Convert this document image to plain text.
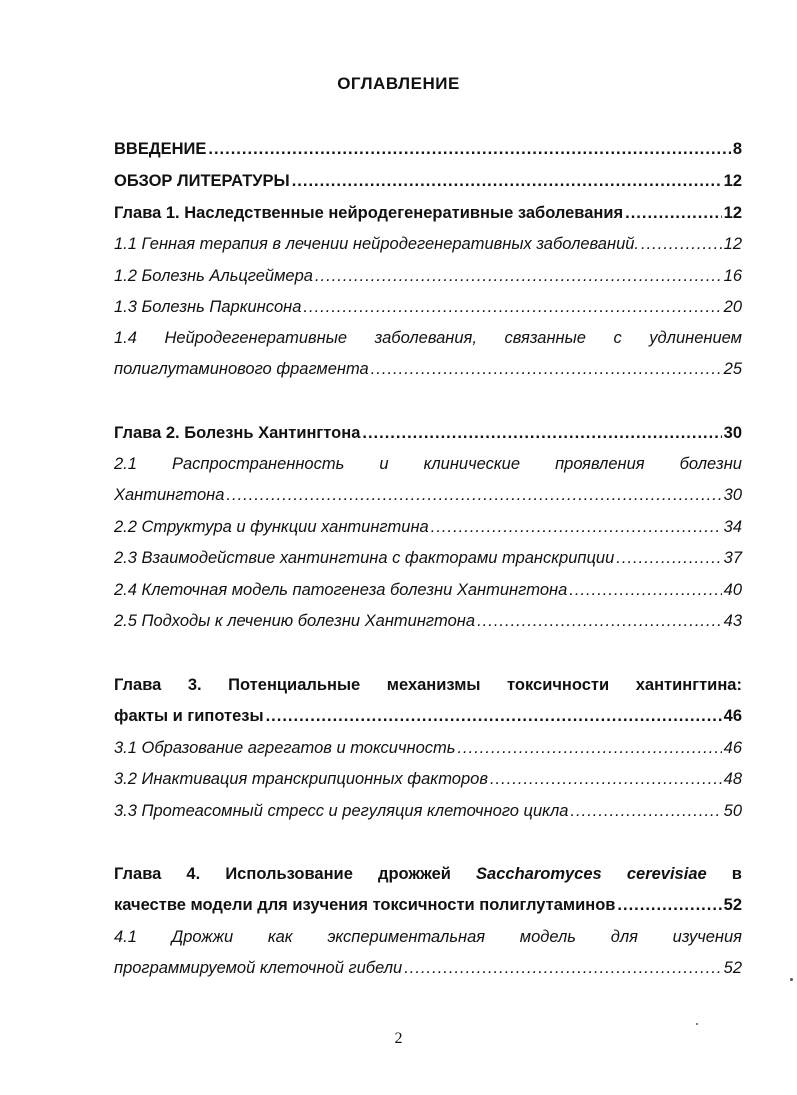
ОГЛАВЛЕНИЕ
ВВЕДЕНИЕ .....	8
ОБЗОР ЛИТЕРАТУРЫ .....	12
Глава 1. Наследственные нейродегенеративные заболевания .....	12
1.1 Генная терапия в лечении нейродегенеративных заболеваний. .....	12
1.2 Болезнь Альцгеймера .....	16
1.3 Болезнь Паркинсона .....	20
1.4 Нейродегенеративные заболевания, связанные с удлинением
полиглутаминового фрагмента .....	25
Глава 2. Болезнь Хантингтона .....	30
2.1 Распространенность и клинические проявления болезни
Хантингтона .....	30
2.2 Структура и функции хантингтина .....	34
2.3 Взаимодействие хантингтина с факторами транскрипции .....	37
2.4 Клеточная модель патогенеза болезни Хантингтона .....	40
2.5 Подходы к лечению болезни Хантингтона .....	43
Глава 3. Потенциальные механизмы токсичности хантингтина:
факты и гипотезы .....	46
3.1 Образование агрегатов и токсичность .....	46
3.2 Инактивация транскрипционных факторов .....	48
3.3 Протеасомный стресс и регуляция клеточного цикла .....	50
Глава 4. Использование дрожжей Saccharomyces cerevisiae в
качестве модели для изучения токсичности полиглутаминов .....	52
4.1 Дрожжи как экспериментальная модель для изучения
программируемой клеточной гибели .....	52
2
